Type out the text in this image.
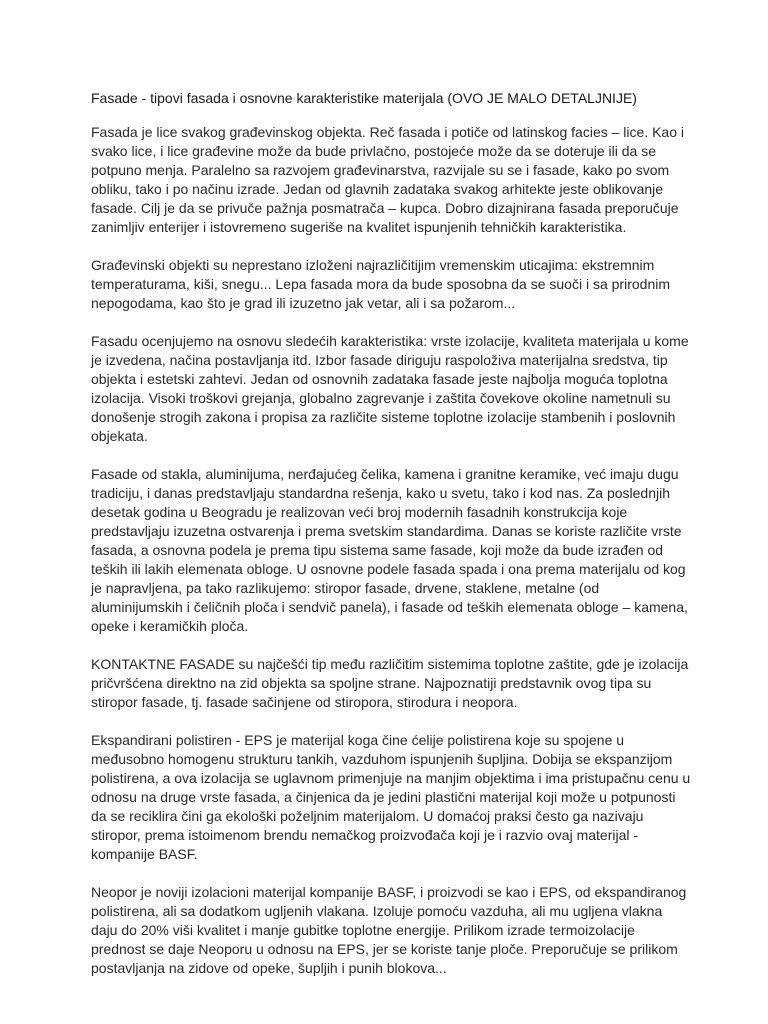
Fasade - tipovi fasada i osnovne karakteristike materijala (OVO JE MALO DETALJNIJE)

Fasada je lice svakog građevinskog objekta. Reč fasada i potiče od latinskog facies – lice. Kao i svako lice, i lice građevine može da bude privlačno, postojeće može da se doteruje ili da se potpuno menja. Paralelno sa razvojem građevinarstva, razvijale su se i fasade, kako po svom obliku, tako i po načinu izrade. Jedan od glavnih zadataka svakog arhitekte jeste oblikovanje fasade. Cilj je da se privuče pažnja posmatrača – kupca. Dobro dizajnirana fasada preporučuje zanimljiv enterijer i istovremeno sugeriše na kvalitet ispunjenih tehničkih karakteristika.

Građevinski objekti su neprestano izloženi najrazličitijim vremenskim uticajima: ekstremnim temperaturama, kiši, snegu... Lepa fasada mora da bude sposobna da se suoči i sa prirodnim nepogodama, kao što je grad ili izuzetno jak vetar, ali i sa požarom...

Fasadu ocenjujemo na osnovu sledećih karakteristika: vrste izolacije, kvaliteta materijala u kome je izvedena, načina postavljanja itd. Izbor fasade diriguju raspoloživa materijalna sredstva, tip objekta i estetski zahtevi. Jedan od osnovnih zadataka fasade jeste najbolja moguća toplotna izolacija. Visoki troškovi grejanja, globalno zagrevanje i zaštita čovekove okoline nametnuli su donošenje strogih zakona i propisa za različite sisteme toplotne izolacije stambenih i poslovnih objekata.

Fasade od stakla, aluminijuma, nerđajućeg čelika, kamena i granitne keramike, već imaju dugu tradiciju, i danas predstavljaju standardna rešenja, kako u svetu, tako i kod nas. Za poslednjih desetak godina u Beogradu je realizovan veći broj modernih fasadnih konstrukcija koje predstavljaju izuzetna ostvarenja i prema svetskim standardima. Danas se koriste različite vrste fasada, a osnovna podela je prema tipu sistema same fasade, koji može da bude izrađen od teških ili lakih elemenata obloge. U osnovne podele fasada spada i ona prema materijalu od kog je napravljena, pa tako razlikujemo: stiropor fasade, drvene, staklene, metalne (od aluminijumskih i čeličnih ploča i sendvič panela), i fasade od teških elemenata obloge – kamena, opeke i keramičkih ploča.

KONTAKTNE FASADE su najčešći tip među različitim sistemima toplotne zaštite, gde je izolacija pričvršćena direktno na zid objekta sa spoljne strane. Najpoznatiji predstavnik ovog tipa su stiropor fasade, tj. fasade sačinjene od stiropora, stirodura i neopora.

Ekspandirani polistiren - EPS je materijal koga čine ćelije polistirena koje su spojene u međusobno homogenu strukturu tankih, vazduhom ispunjenih šupljina. Dobija se ekspanzijom polistirena, a ova izolacija se uglavnom primenjuje na manjim objektima i ima pristupačnu cenu u odnosu na druge vrste fasada, a činjenica da je jedini plastični materijal koji može u potpunosti da se reciklira čini ga ekološki poželjnim materijalom. U domaćoj praksi često ga nazivaju stiropor, prema istoimenom brendu nemačkog proizvođača koji je i razvio ovaj materijal - kompanije BASF.

Neopor je noviji izolacioni materijal kompanije BASF, i proizvodi se kao i EPS, od ekspandiranog polistirena, ali sa dodatkom ugljenih vlakana. Izoluje pomoću vazduha, ali mu ugljena vlakna daju do 20% viši kvalitet i manje gubitke toplotne energije. Prilikom izrade termoizolacije prednost se daje Neoporu u odnosu na EPS, jer se koriste tanje ploče. Preporučuje se prilikom postavljanja na zidove od opeke, šupljih i punih blokova...
